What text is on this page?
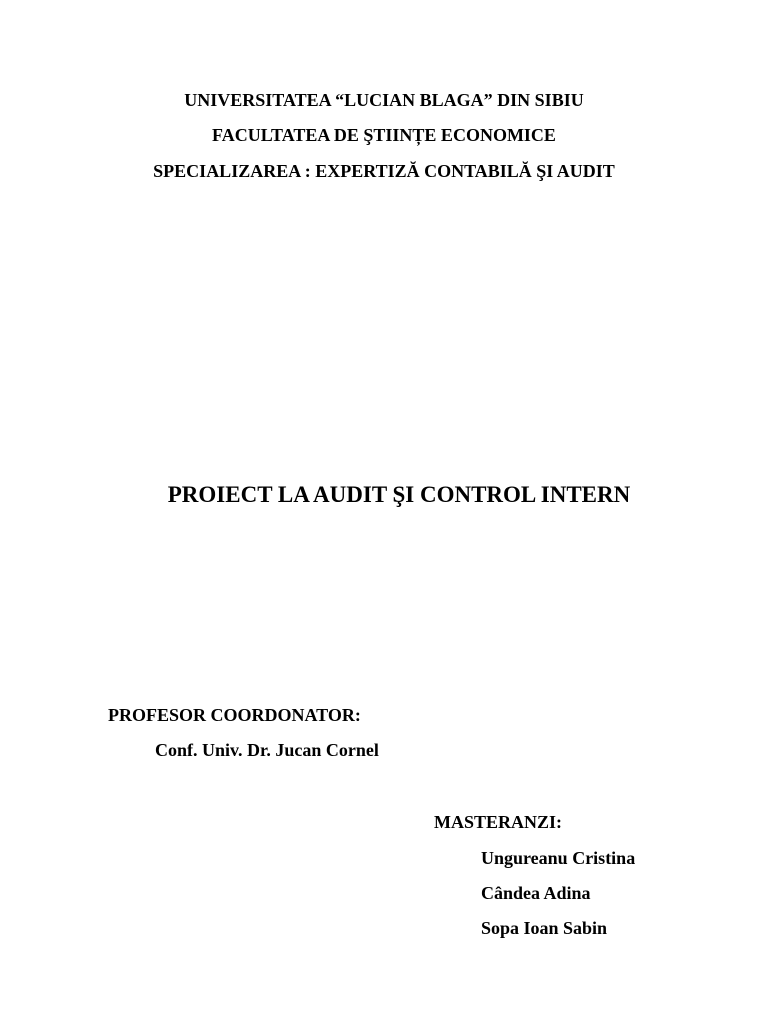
UNIVERSITATEA “LUCIAN BLAGA” DIN SIBIU
FACULTATEA DE ŞTIINȚE ECONOMICE
SPECIALIZAREA : EXPERTIZĂ CONTABILĂ ŞI AUDIT
PROIECT LA AUDIT ŞI CONTROL INTERN
PROFESOR COORDONATOR:
Conf. Univ. Dr. Jucan Cornel
MASTERANZI:
Ungureanu Cristina
Cândea Adina
Sopa Ioan Sabin
